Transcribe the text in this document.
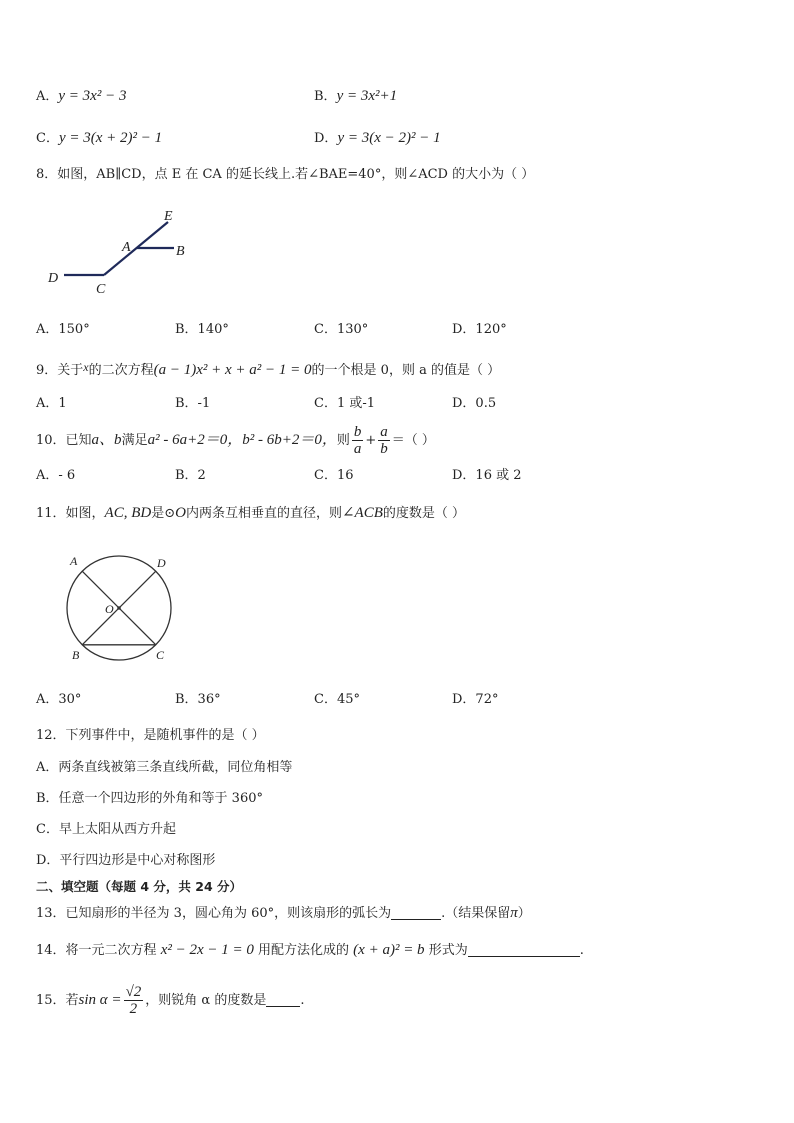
A．y = 3x² − 3	B．y = 3x²+1
C．y = 3(x + 2)² − 1	D．y = 3(x − 2)² − 1
8．如图，AB∥CD，点 E 在 CA 的延长线上.若∠BAE=40°，则∠ACD 的大小为（ ）
E
A	B
D
C
A．150°	B．140°	C．130°	D．120°
9．关于x的二次方程(a − 1)x² + x + a² − 1 = 0的一个根是 0，则 a 的值是（ ）
A．1	B．-1	C．1 或-1	D．0.5
10．已知a、b满足a² - 6a+2＝0，b² - 6b+2＝0，则 $\frac{b}{a} + \frac{a}{b}$ ＝（ ）
A．- 6	B．2	C．16	D．16 或 2
11．如图，AC, BD是⊙O内两条互相垂直的直径，则∠ACB的度数是（ ）
A	D
O
B	C
A．30°	B．36°	C．45°	D．72°
12．下列事件中，是随机事件的是（ ）
A．两条直线被第三条直线所截，同位角相等
B．任意一个四边形的外角和等于 360°
C．早上太阳从西方升起
D．平行四边形是中心对称图形
二、填空题（每题 4 分，共 24 分）
13．已知扇形的半径为 3，圆心角为 60°，则该扇形的弧长为	.（结果保留π）
14．将一元二次方程 x² − 2x − 1 = 0 用配方法化成的 (x + a)² = b 形式为	.
15．若$\sin \alpha = \frac{√2}{2}$ ，则锐角 α 的度数是	.
